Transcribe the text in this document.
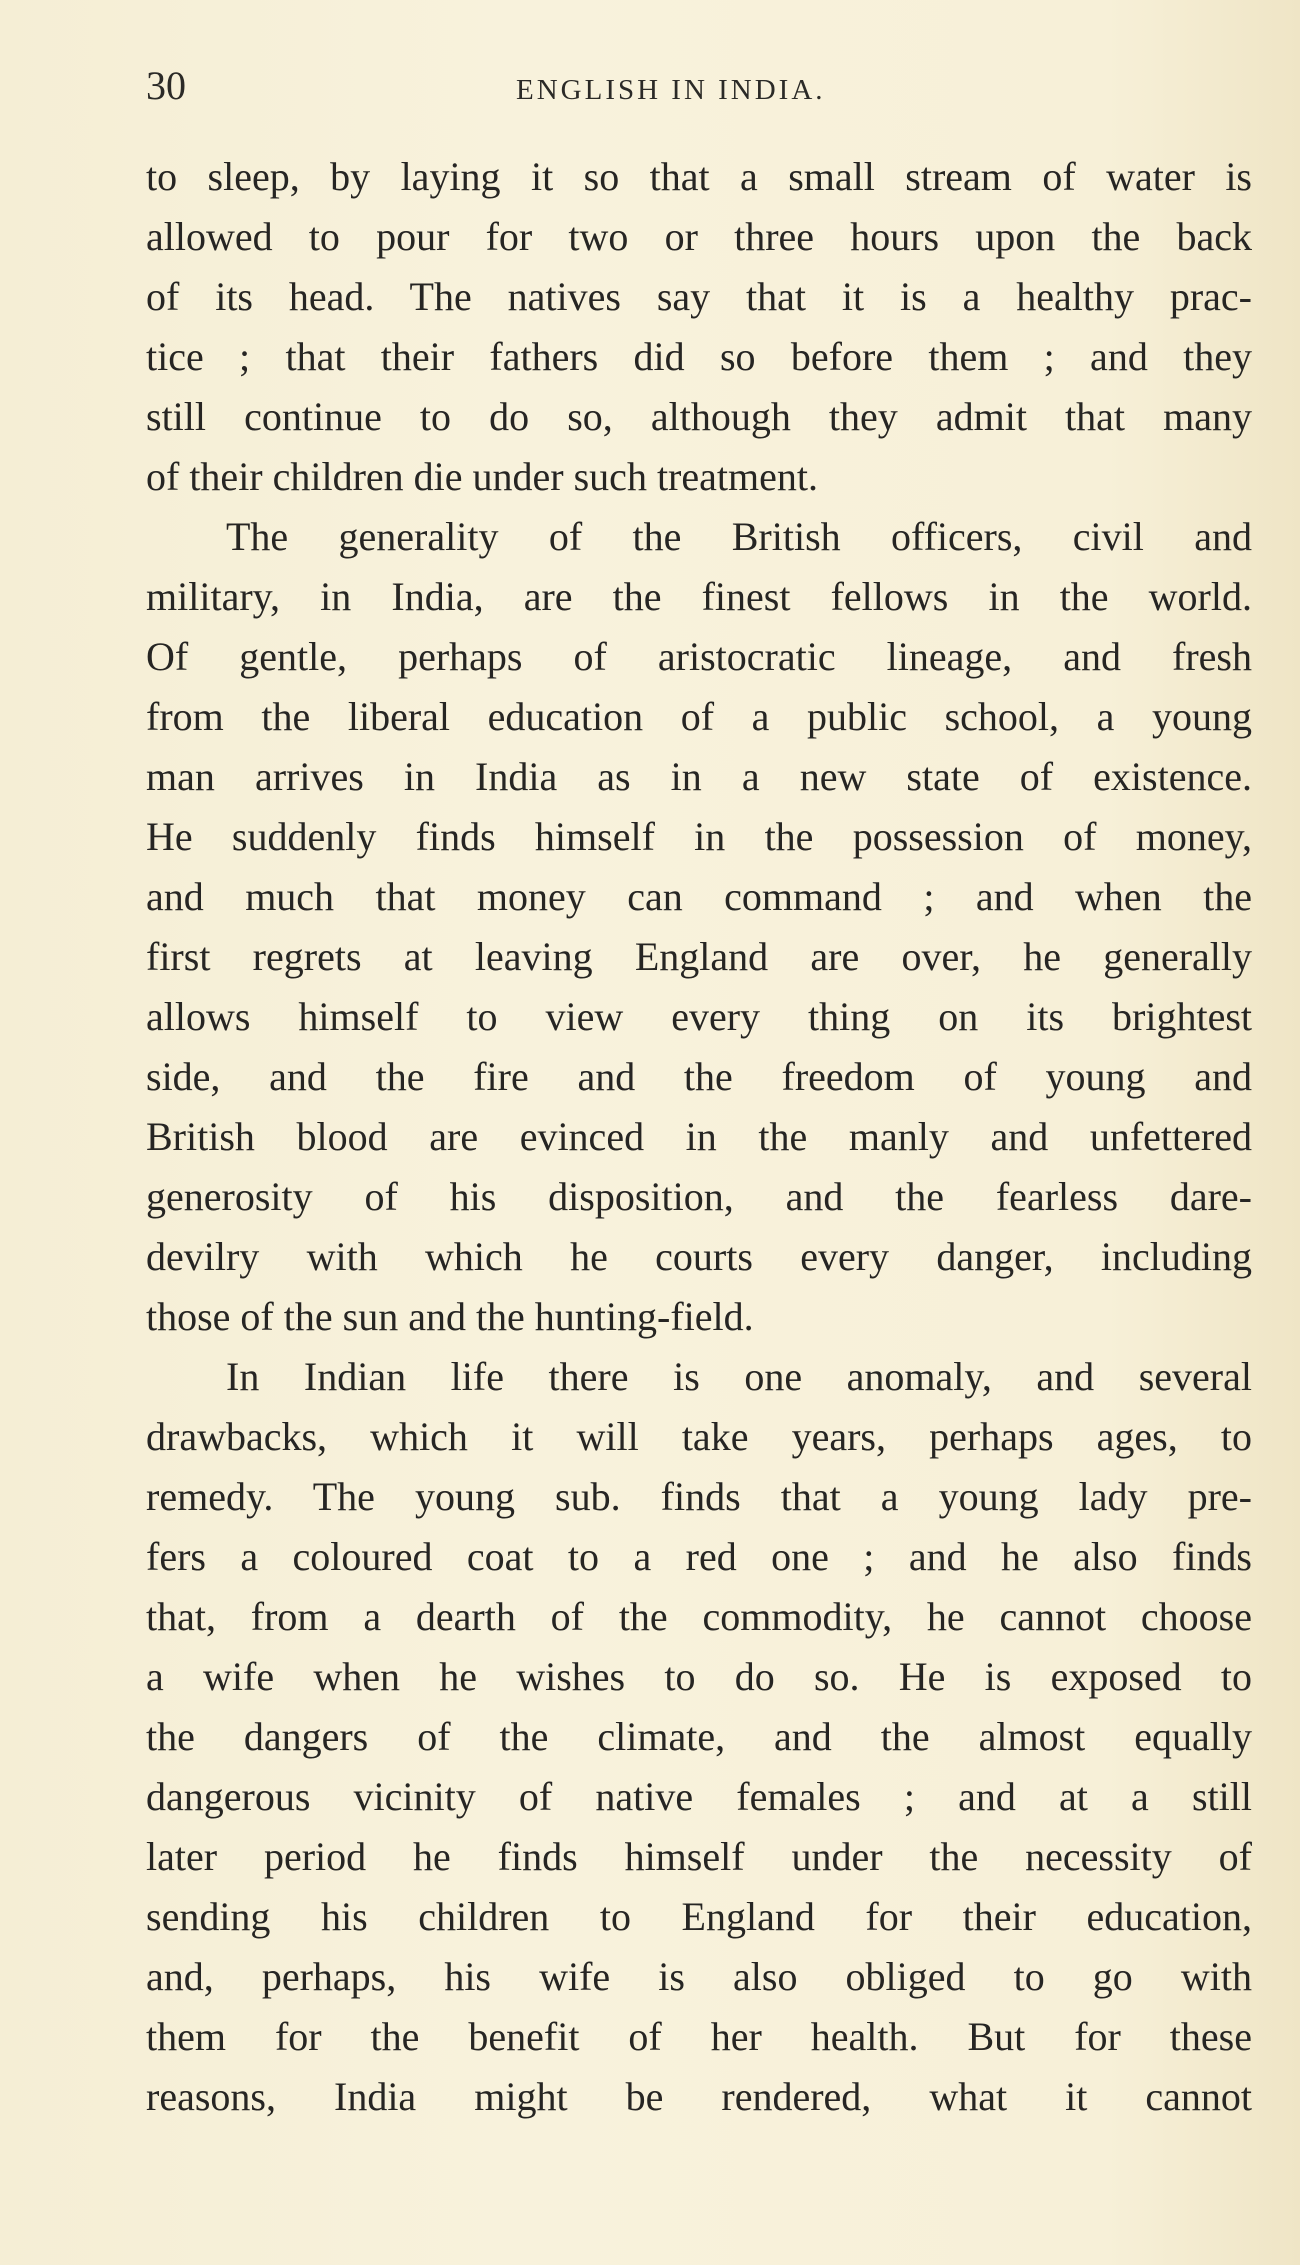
30	ENGLISH IN INDIA.
to sleep, by laying it so that a small stream of water is
allowed to pour for two or three hours upon the back
of its head. The natives say that it is a healthy prac-
tice ; that their fathers did so before them ; and they
still continue to do so, although they admit that many
of their children die under such treatment.
The generality of the British officers, civil and
military, in India, are the finest fellows in the world.
Of gentle, perhaps of aristocratic lineage, and fresh
from the liberal education of a public school, a young
man arrives in India as in a new state of existence.
He suddenly finds himself in the possession of money,
and much that money can command ; and when the
first regrets at leaving England are over, he generally
allows himself to view every thing on its brightest
side, and the fire and the freedom of young and
British blood are evinced in the manly and unfettered
generosity of his disposition, and the fearless dare-
devilry with which he courts every danger, including
those of the sun and the hunting-field.
In Indian life there is one anomaly, and several
drawbacks, which it will take years, perhaps ages, to
remedy. The young sub. finds that a young lady pre-
fers a coloured coat to a red one ; and he also finds
that, from a dearth of the commodity, he cannot choose
a wife when he wishes to do so. He is exposed to
the dangers of the climate, and the almost equally
dangerous vicinity of native females ; and at a still
later period he finds himself under the necessity of
sending his children to England for their education,
and, perhaps, his wife is also obliged to go with
them for the benefit of her health. But for these
reasons, India might be rendered, what it cannot
